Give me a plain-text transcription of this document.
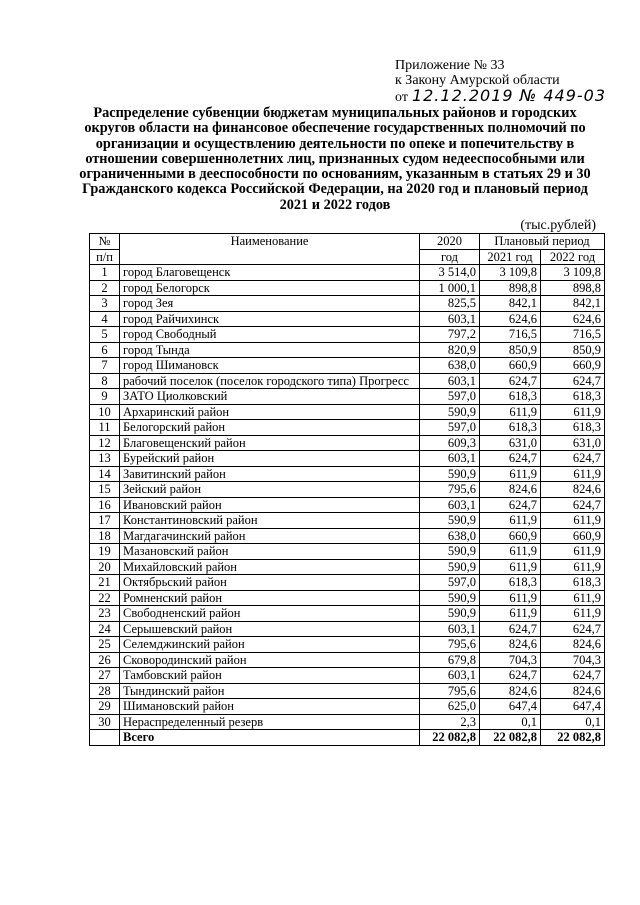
Приложение № 33
к Закону Амурской области
от 12.12.2019 № 449-03
Распределение субвенции бюджетам муниципальных районов и городских округов области на финансовое обеспечение государственных полномочий по организации и осуществлению деятельности по опеке и попечительству в отношении совершеннолетних лиц, признанных судом недееспособными или ограниченными в дееспособности по основаниям, указанным в статьях 29 и 30 Гражданского кодекса Российской Федерации, на 2020 год и плановый период 2021 и 2022 годов
(тыс.рублей)
№	Наименование	2020	Плановый период	
п/п		год	2021 год	2022 год
1	город Благовещенск	3 514,0	3 109,8	3 109,8
2	город Белогорск	1 000,1	898,8	898,8
3	город Зея	825,5	842,1	842,1
4	город Райчихинск	603,1	624,6	624,6
5	город Свободный	797,2	716,5	716,5
6	город Тында	820,9	850,9	850,9
7	город Шимановск	638,0	660,9	660,9
8	рабочий поселок (поселок городского типа) Прогресс	603,1	624,7	624,7
9	ЗАТО Циолковский	597,0	618,3	618,3
10	Архаринский район	590,9	611,9	611,9
11	Белогорский район	597,0	618,3	618,3
12	Благовещенский район	609,3	631,0	631,0
13	Бурейский район	603,1	624,7	624,7
14	Завитинский район	590,9	611,9	611,9
15	Зейский район	795,6	824,6	824,6
16	Ивановский район	603,1	624,7	624,7
17	Константиновский район	590,9	611,9	611,9
18	Магдагачинский район	638,0	660,9	660,9
19	Мазановский район	590,9	611,9	611,9
20	Михайловский район	590,9	611,9	611,9
21	Октябрьский район	597,0	618,3	618,3
22	Ромненский район	590,9	611,9	611,9
23	Свободненский район	590,9	611,9	611,9
24	Серышевский район	603,1	624,7	624,7
25	Селемджинский район	795,6	824,6	824,6
26	Сковородинский район	679,8	704,3	704,3
27	Тамбовский район	603,1	624,7	624,7
28	Тындинский район	795,6	824,6	824,6
29	Шимановский район	625,0	647,4	647,4
30	Нераспределенный резерв	2,3	0,1	0,1
	Всего	22 082,8	22 082,8	22 082,8
